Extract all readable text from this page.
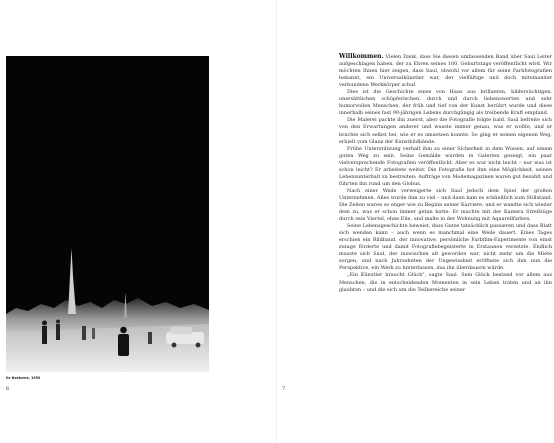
Ile Nocturne, 1950
6

Willkommen. Vielen Dank, dass Sie diesen umfassenden Band über Saul Leiter aufgeschlagen haben, der zu Ehren seines 100. Geburtstags veröffentlicht wird. Wir möchten Ihnen hier zeigen, dass Saul, obwohl vor allem für seine Farbfotografien bekannt, ein Universalkünstler war, der vielfältige und doch miteinander verbundene Werkkörper schuf.

Dies ist die Geschichte eines von Haus aus brillanten, bildersüchtigen, unersättlichen schöpferischen, durch und durch liebenswerten und sehr humorvollen Menschen, der früh und tief von der Kunst berührt wurde und diese innerhalb seines fast 90-jährigen Lebens durchgängig als treibende Kraft empfand.

Die Malerei packte ihn zuerst, aber die Fotografie folgte bald. Saul befreite sich von den Erwartungen anderer und wusste immer genau, was er wollte, und er brachte sich selbst bei, wie er es umsetzen konnte. So ging er seinen eigenen Weg, erhielt vom Glanz der Kunstbildbände.

Frühe Unterstützung verhalf ihm zu einer Sicherheit in dem Wissen, auf einem guten Weg zu sein. Seine Gemälde wurden in Galerien gezeigt, ein paar vielversprechende Fotografien veröffentlicht. Aber es war nicht leicht – nur was ist schon leicht? Er arbeitete weiter. Die Fotografie bot ihm eine Möglichkeit, seinen Lebensunterhalt zu bestreiten: Aufträge von Modemagazinen waren gut bezahlt und führten ihn rund um den Globus.

Nach einer Weile verweigerte sich Saul jedoch dem Spiel der großen Unternehmen. Alles wurde ihm zu viel – und dann kam es schließlich zum Stillstand. Die Zeiten waren so enger wie zu Beginn seiner Karriere, und er wandte sich wieder dem zu, was er schon immer getan hatte: Er machte mit der Kamera Streifzüge durch sein Viertel, ohne Eile, und malte in der Wohnung mit Aquarellfarben.

Seine Lebensgeschichte beweist, dass Gutes tatsächlich passieren und dass Blatt sich wenden kann – auch wenn es manchmal eine Weile dauert. Eines Tages erschien ein Bildband, der innovative, persönliche Farbfilm-Experimente von einst zutage förderte und damit Fotografiebegeisterte in Erstaunen versetzte. Endlich musste sich Saul, der inzwischen alt geworden war, nicht mehr um die Miete sorgen, und nach Jahrzehnten der Ungewissheit eröffnete sich ihm nun die Perspektive, ein Werk zu hinterlassen, das ihn überdauern würde.

„Ein Künstler braucht Glück", sagte Saul. Sein Glück bestand vor allem aus Menschen, die in entscheidenden Momenten in sein Leben traten und an ihn glaubten – und die sich um die Teilbereiche seiner

7
